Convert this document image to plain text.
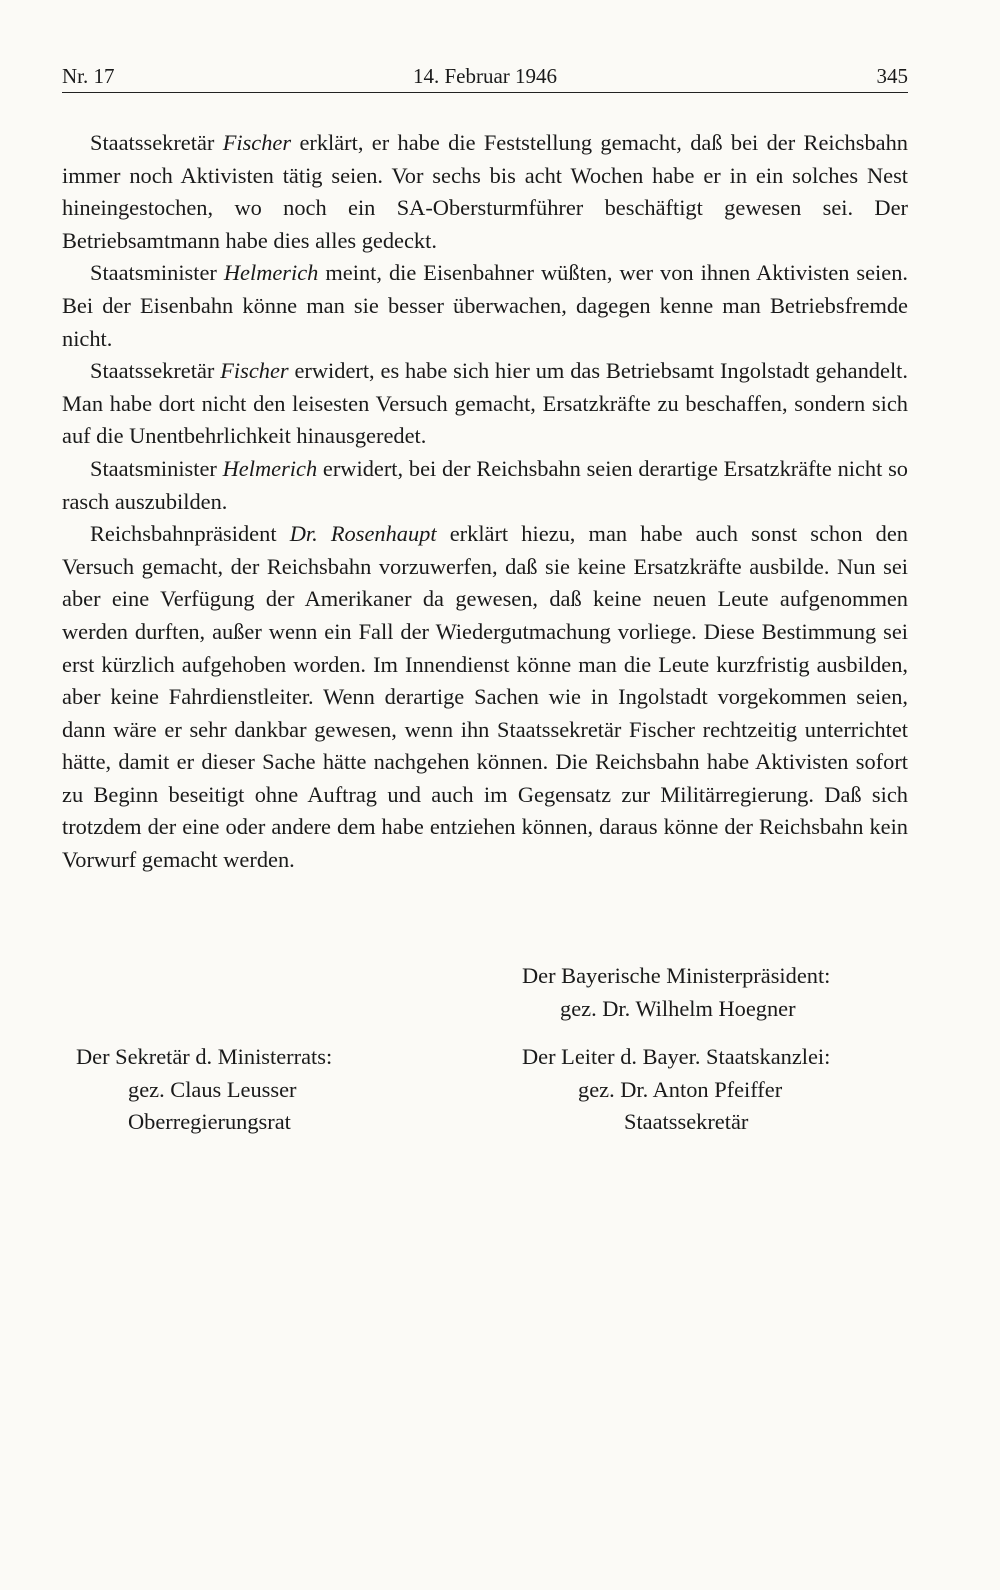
Nr. 17	14. Februar 1946	345

Staatssekretär Fischer erklärt, er habe die Feststellung gemacht, daß bei der Reichsbahn immer noch Aktivisten tätig seien. Vor sechs bis acht Wochen habe er in ein solches Nest hineingestochen, wo noch ein SA-Obersturmführer beschäftigt gewesen sei. Der Betriebsamtmann habe dies alles gedeckt.

Staatsminister Helmerich meint, die Eisenbahner wüßten, wer von ihnen Aktivisten seien. Bei der Eisenbahn könne man sie besser überwachen, dagegen kenne man Betriebsfremde nicht.

Staatssekretär Fischer erwidert, es habe sich hier um das Betriebsamt Ingolstadt gehandelt. Man habe dort nicht den leisesten Versuch gemacht, Ersatzkräfte zu beschaffen, sondern sich auf die Unentbehrlichkeit hinausgeredet.

Staatsminister Helmerich erwidert, bei der Reichsbahn seien derartige Ersatzkräfte nicht so rasch auszubilden.

Reichsbahnpräsident Dr. Rosenhaupt erklärt hiezu, man habe auch sonst schon den Versuch gemacht, der Reichsbahn vorzuwerfen, daß sie keine Ersatzkräfte ausbilde. Nun sei aber eine Verfügung der Amerikaner da gewesen, daß keine neuen Leute aufgenommen werden durften, außer wenn ein Fall der Wiedergutmachung vorliege. Diese Bestimmung sei erst kürzlich aufgehoben worden. Im Innendienst könne man die Leute kurzfristig ausbilden, aber keine Fahrdienstleiter. Wenn derartige Sachen wie in Ingolstadt vorgekommen seien, dann wäre er sehr dankbar gewesen, wenn ihn Staatssekretär Fischer rechtzeitig unterrichtet hätte, damit er dieser Sache hätte nachgehen können. Die Reichsbahn habe Aktivisten sofort zu Beginn beseitigt ohne Auftrag und auch im Gegensatz zur Militärregierung. Daß sich trotzdem der eine oder andere dem habe entziehen können, daraus könne der Reichsbahn kein Vorwurf gemacht werden.

Der Bayerische Ministerpräsident:
gez. Dr. Wilhelm Hoegner
Der Sekretär d. Ministerrats:
gez. Claus Leusser
Oberregierungsrat
Der Leiter d. Bayer. Staatskanzlei:
gez. Dr. Anton Pfeiffer
Staatssekretär
